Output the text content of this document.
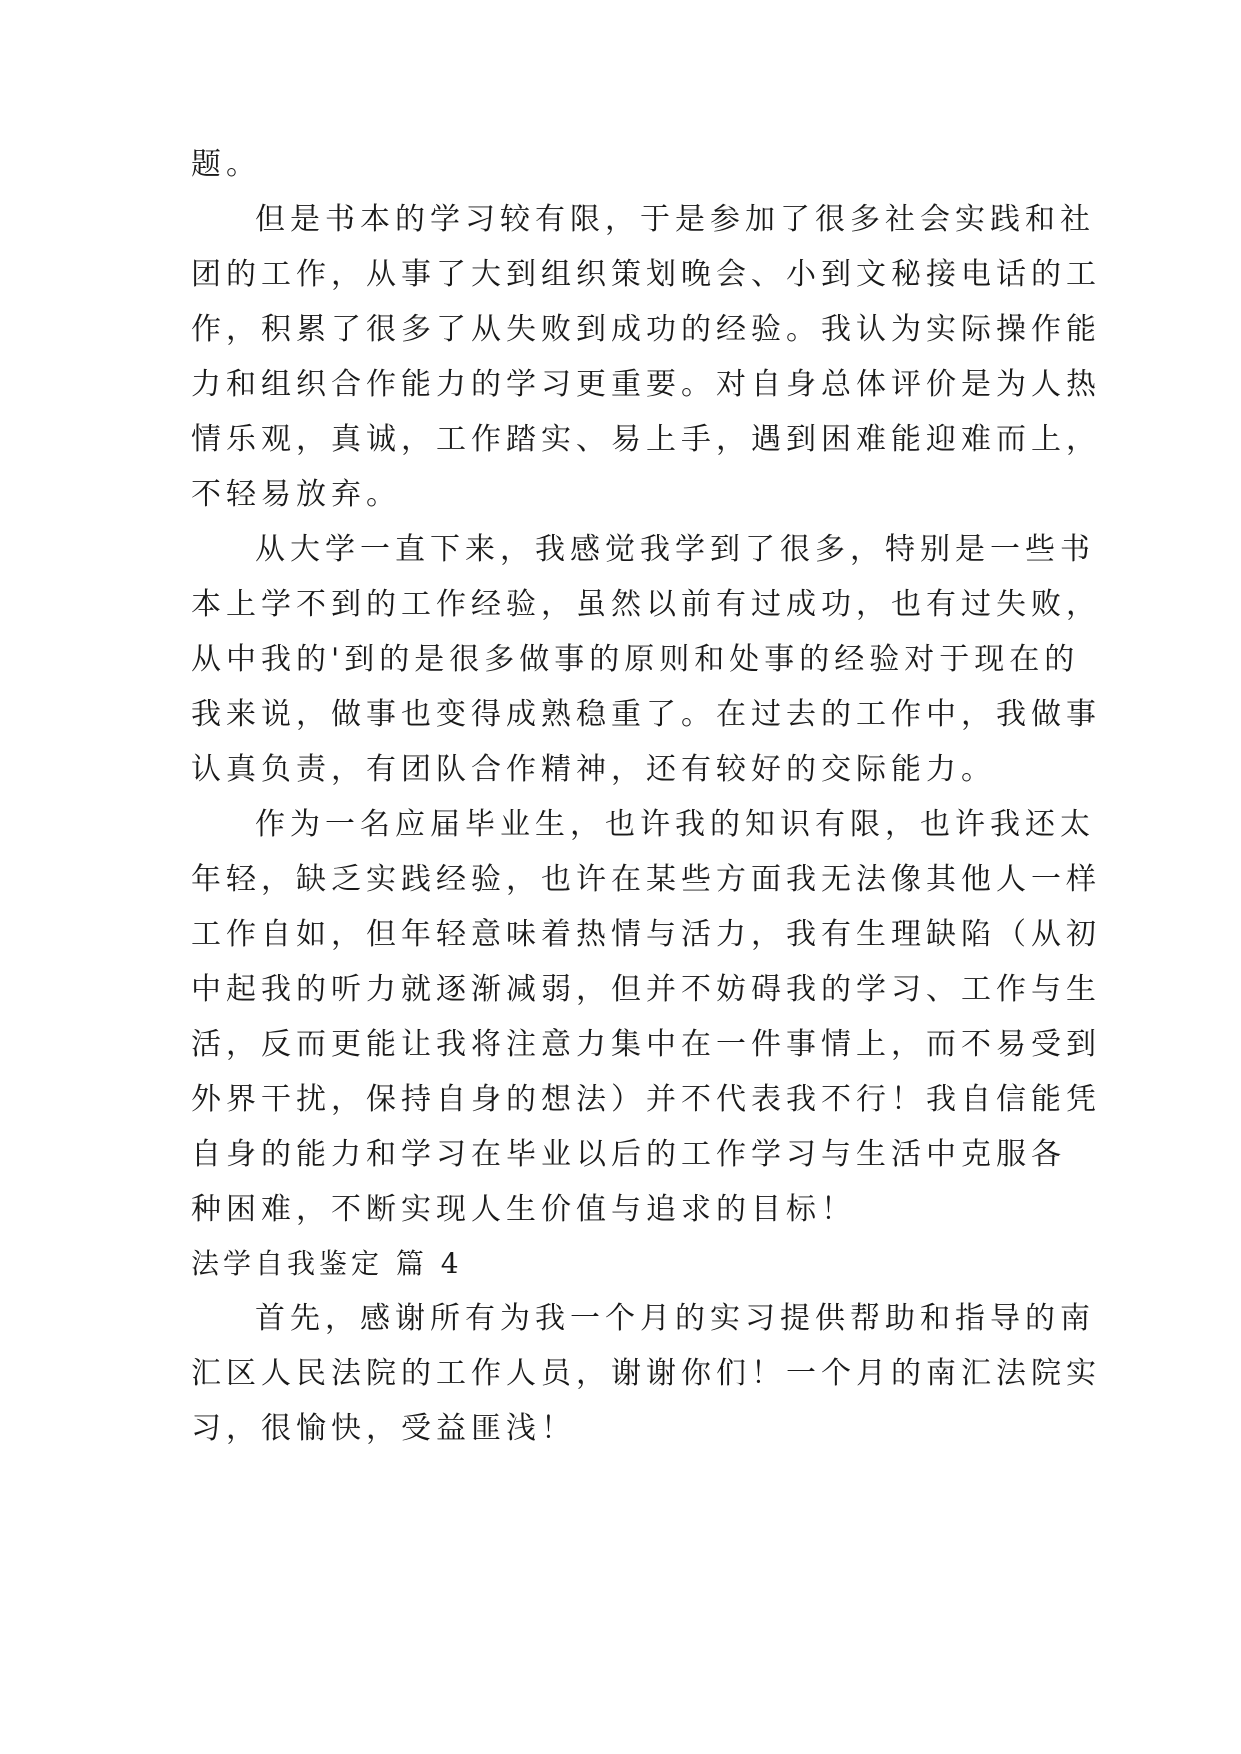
题。

但是书本的学习较有限，于是参加了很多社会实践和社

团的工作，从事了大到组织策划晚会、小到文秘接电话的工

作，积累了很多了从失败到成功的经验。我认为实际操作能

力和组织合作能力的学习更重要。对自身总体评价是为人热

情乐观，真诚，工作踏实、易上手，遇到困难能迎难而上，

不轻易放弃。

从大学一直下来，我感觉我学到了很多，特别是一些书

本上学不到的工作经验，虽然以前有过成功，也有过失败，

从中我的'到的是很多做事的原则和处事的经验对于现在的

我来说，做事也变得成熟稳重了。在过去的工作中，我做事

认真负责，有团队合作精神，还有较好的交际能力。

作为一名应届毕业生，也许我的知识有限，也许我还太

年轻，缺乏实践经验，也许在某些方面我无法像其他人一样

工作自如，但年轻意味着热情与活力，我有生理缺陷（从初

中起我的听力就逐渐减弱，但并不妨碍我的学习、工作与生

活，反而更能让我将注意力集中在一件事情上，而不易受到

外界干扰，保持自身的想法）并不代表我不行！我自信能凭

自身的能力和学习在毕业以后的工作学习与生活中克服各

种困难，不断实现人生价值与追求的目标！

法学自我鉴定 篇 4

首先，感谢所有为我一个月的实习提供帮助和指导的南

汇区人民法院的工作人员，谢谢你们！一个月的南汇法院实

习，很愉快，受益匪浅！
